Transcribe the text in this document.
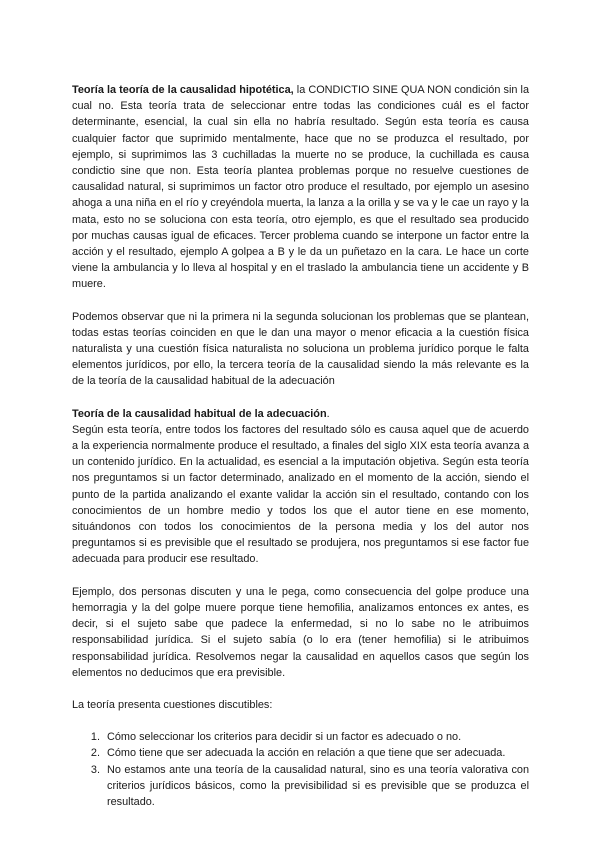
Teoría la teoría de la causalidad hipotética, la CONDICTIO SINE QUA NON condición sin la cual no. Esta teoría trata de seleccionar entre todas las condiciones cuál es el factor determinante, esencial, la cual sin ella no habría resultado. Según esta teoría es causa cualquier factor que suprimido mentalmente, hace que no se produzca el resultado, por ejemplo, si suprimimos las 3 cuchilladas la muerte no se produce, la cuchillada es causa condictio sine que non. Esta teoría plantea problemas porque no resuelve cuestiones de causalidad natural, si suprimimos un factor otro produce el resultado, por ejemplo un asesino ahoga a una niña en el río y creyéndola muerta, la lanza a la orilla y se va y le cae un rayo y la mata, esto no se soluciona con esta teoría, otro ejemplo, es que el resultado sea producido por muchas causas igual de eficaces. Tercer problema cuando se interpone un factor entre la acción y el resultado, ejemplo A golpea a B y le da un puñetazo en la cara. Le hace un corte viene la ambulancia y lo lleva al hospital y en el traslado la ambulancia tiene un accidente y B muere.

Podemos observar que ni la primera ni la segunda solucionan los problemas que se plantean, todas estas teorías coinciden en que le dan una mayor o menor eficacia a la cuestión física naturalista y una cuestión física naturalista no soluciona un problema jurídico porque le falta elementos jurídicos, por ello, la tercera teoría de la causalidad siendo la más relevante es la de la teoría de la causalidad habitual de la adecuación

Teoría de la causalidad habitual de la adecuación.

Según esta teoría, entre todos los factores del resultado sólo es causa aquel que de acuerdo a la experiencia normalmente produce el resultado, a finales del siglo XIX esta teoría avanza a un contenido jurídico. En la actualidad, es esencial a la imputación objetiva. Según esta teoría nos preguntamos si un factor determinado, analizado en el momento de la acción, siendo el punto de la partida analizando el exante validar la acción sin el resultado, contando con los conocimientos de un hombre medio y todos los que el autor tiene en ese momento, situándonos con todos los conocimientos de la persona media y los del autor nos preguntamos si es previsible que el resultado se produjera, nos preguntamos si ese factor fue adecuada para producir ese resultado.

Ejemplo, dos personas discuten y una le pega, como consecuencia del golpe produce una hemorragia y la del golpe muere porque tiene hemofilia, analizamos entonces ex antes, es decir, si el sujeto sabe que padece la enfermedad, si no lo sabe no le atribuimos responsabilidad jurídica. Si el sujeto sabía (o lo era (tener hemofilia) si le atribuimos responsabilidad jurídica. Resolvemos negar la causalidad en aquellos casos que según los elementos no deducimos que era previsible.

La teoría presenta cuestiones discutibles:

1. Cómo seleccionar los criterios para decidir si un factor es adecuado o no.
2. Cómo tiene que ser adecuada la acción en relación a que tiene que ser adecuada.
3. No estamos ante una teoría de la causalidad natural, sino es una teoría valorativa con criterios jurídicos básicos, como la previsibilidad si es previsible que se produzca el resultado.
